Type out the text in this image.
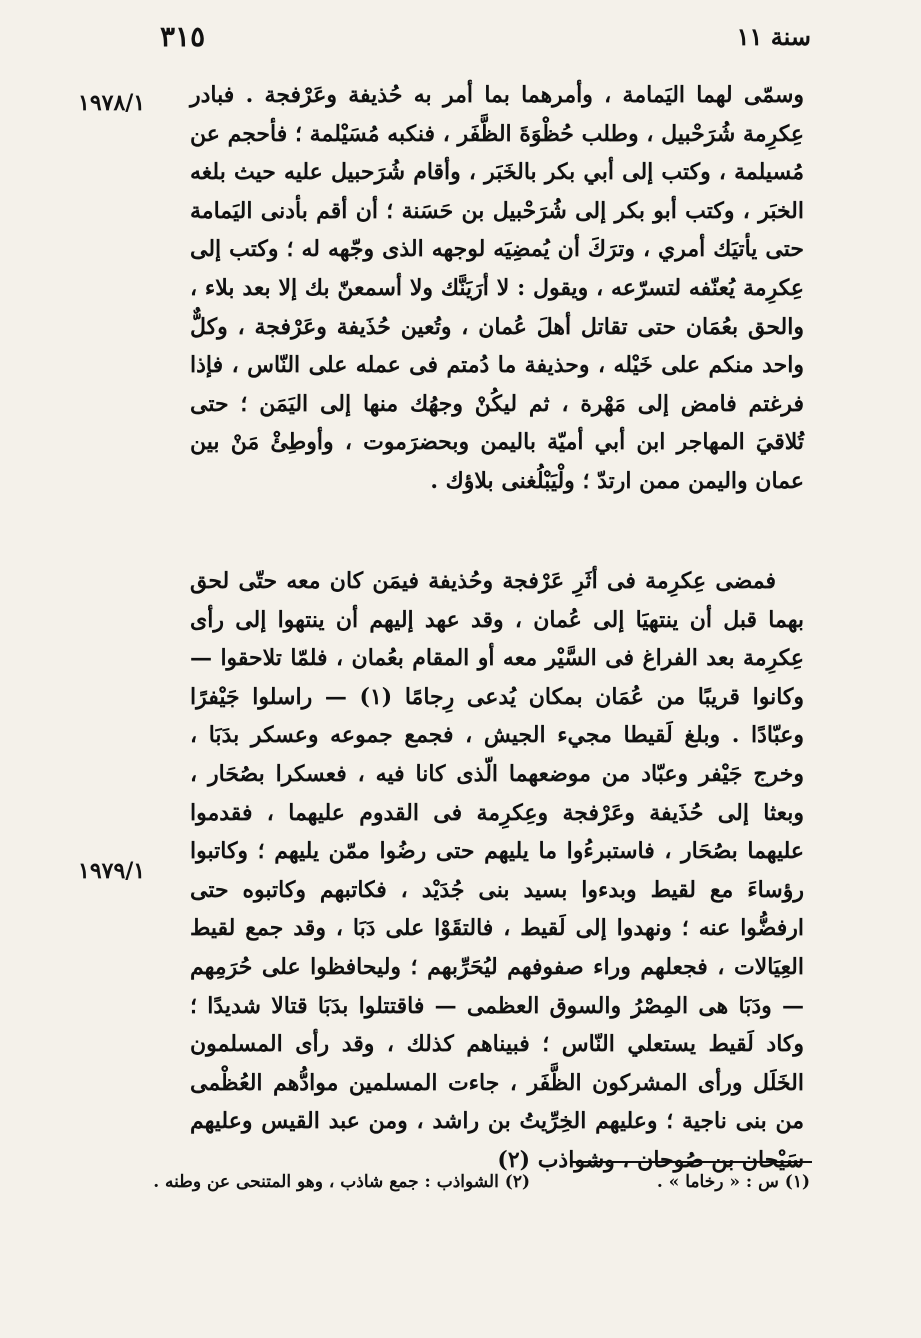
٣١٥	سنة ١١
١٩٧٨/١
١٩٧٩/١

وسمّى لهما اليَمامة ، وأمرهما بما أمر به حُذيفة وعَرْفجة . فبادر عِكرِمة شُرَحْبيل ، وطلب حُظْوَةَ الظَّفَر ، فنكبه مُسَيْلمة ؛ فأحجم عن مُسيلمة ، وكتب إلى أبي بكر بالخَبَر ، وأقام شُرَحبيل عليه حيث بلغه الخبَر ، وكتب أبو بكر إلى شُرَحْبيل بن حَسَنة ؛ أن أقم بأدنى اليَمامة حتى يأتيَك أمري ، وترَكَ أن يُمضِيَه لوجهه الذى وجّهه له ؛ وكتب إلى عِكرِمة يُعنّفه لتسرّعه ، ويقول : لا أرَيَنَّك ولا أسمعنّ بك إلا بعد بلاء ، والحق بعُمَان حتى تقاتل أهلَ عُمان ، وتُعين حُذَيفة وعَرْفجة ، وكلٌّ واحد منكم على خَيْله ، وحذيفة ما دُمتم فى عمله على النّاس ، فإذا فرغتم فامض إلى مَهْرة ، ثم ليكُنْ وجهُك منها إلى اليَمَن ؛ حتى تُلاقيَ المهاجر ابن أبي أميّة باليمن وبحضرَموت ، وأوطِئْ مَنْ بين عمان واليمن ممن ارتدّ ؛ ولْيَبْلُغنى بلاؤك .

فمضى عِكرِمة فى أثَرِ عَرْفجة وحُذيفة فيمَن كان معه حتّى لحق بهما قبل أن ينتهيَا إلى عُمان ، وقد عهد إليهم أن ينتهوا إلى رأى عِكرِمة بعد الفراغ فى السَّيْر معه أو المقام بعُمان ، فلمّا تلاحقوا — وكانوا قريبًا من عُمَان بمكان يُدعى رِجامًا (١) — راسلوا جَيْفرًا وعبّادًا . وبلغ لَقيطا مجيء الجيش ، فجمع جموعه وعسكر بدَبَا ، وخرج جَيْفر وعبّاد من موضعهما الّذى كانا فيه ، فعسكرا بصُحَار ، وبعثا إلى حُذَيفة وعَرْفجة وعِكرِمة فى القدوم عليهما ، فقدموا عليهما بصُحَار ، فاستبرءُوا ما يليهم حتى رضُوا ممّن يليهم ؛ وكاتبوا رؤساءَ مع لقيط وبدءوا بسيد بنى جُدَيْد ، فكاتبهم وكاتبوه حتى ارفضُّوا عنه ؛ ونهدوا إلى لَقيط ، فالتقَوْا على دَبَا ، وقد جمع لقيط العِيَالات ، فجعلهم وراء صفوفهم ليُحَرِّبهم ؛ وليحافظوا على حُرَمِهم — ودَبَا هى المِصْرُ والسوق العظمى — فاقتتلوا بدَبَا قتالا شديدًا ؛ وكاد لَقيط يستعلي النّاس ؛ فبيناهم كذلك ، وقد رأى المسلمون الخَلَل ورأى المشركون الظَّفَر ، جاءت المسلمين موادُّهم العُظْمى من بنى ناجية ؛ وعليهم الخِرِّيتُ بن راشد ، ومن عبد القيس وعليهم سَيْحان بن صُوحان ، وشواذب (٢)

(١) س : « رخاما » .
(٢) الشواذب : جمع شاذب ، وهو المتنحى عن وطنه .
